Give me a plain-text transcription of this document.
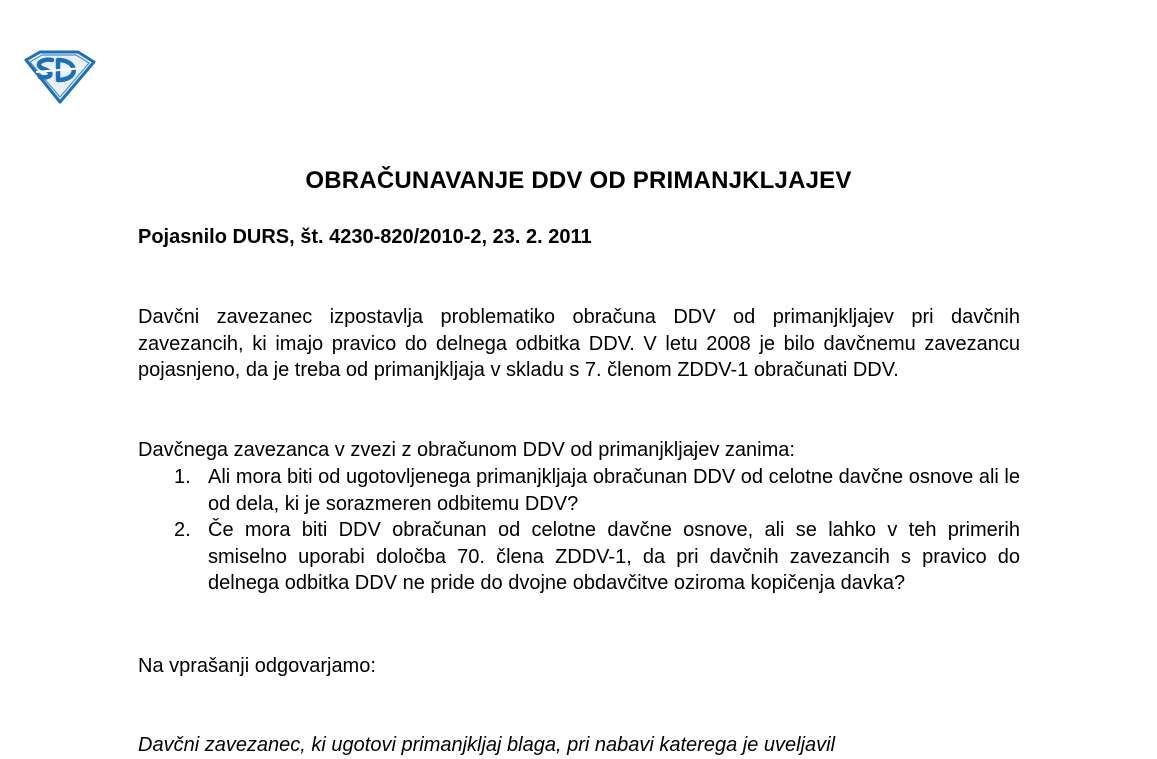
OBRAČUNAVANJE DDV OD PRIMANJKLJAJEV
Pojasnilo DURS, št. 4230-820/2010-2, 23. 2. 2011

Davčni zavezanec izpostavlja problematiko obračuna DDV od primanjkljajev pri davčnih zavezancih, ki imajo pravico do delnega odbitka DDV. V letu 2008 je bilo davčnemu zavezancu pojasnjeno, da je treba od primanjkljaja v skladu s 7. členom ZDDV-1 obračunati DDV.

Davčnega zavezanca v zvezi z obračunom DDV od primanjkljajev zanima:

1. Ali mora biti od ugotovljenega primanjkljaja obračunan DDV od celotne davčne osnove ali le od dela, ki je sorazmeren odbitemu DDV?
2. Če mora biti DDV obračunan od celotne davčne osnove, ali se lahko v teh primerih smiselno uporabi določba 70. člena ZDDV-1, da pri davčnih zavezancih s pravico do delnega odbitka DDV ne pride do dvojne obdavčitve oziroma kopičenja davka?

Na vprašanji odgovarjamo:

Davčni zavezanec, ki ugotovi primanjkljaj blaga, pri nabavi katerega je uveljavil
